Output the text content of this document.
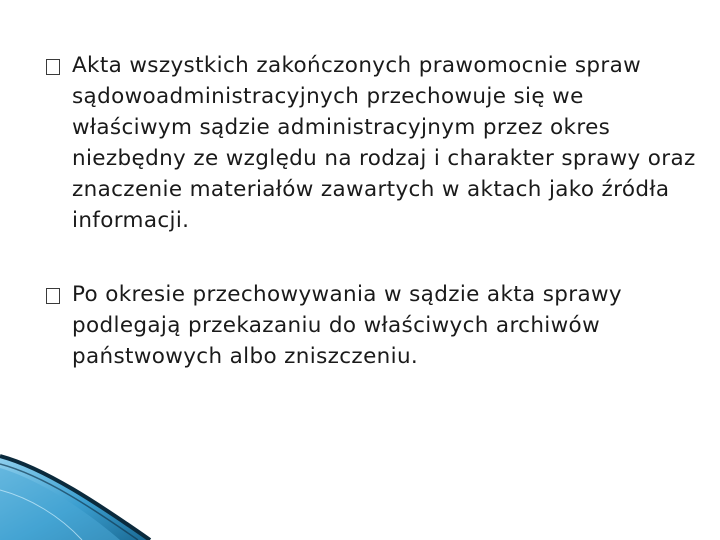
Akta wszystkich zakończonych prawomocnie spraw sądowoadministracyjnych przechowuje się we właściwym sądzie administracyjnym przez okres niezbędny ze względu na rodzaj i charakter sprawy oraz znaczenie materiałów zawartych w aktach jako źródła informacji.
Po okresie przechowywania w sądzie akta sprawy podlegają przekazaniu do właściwych archiwów państwowych albo zniszczeniu.
